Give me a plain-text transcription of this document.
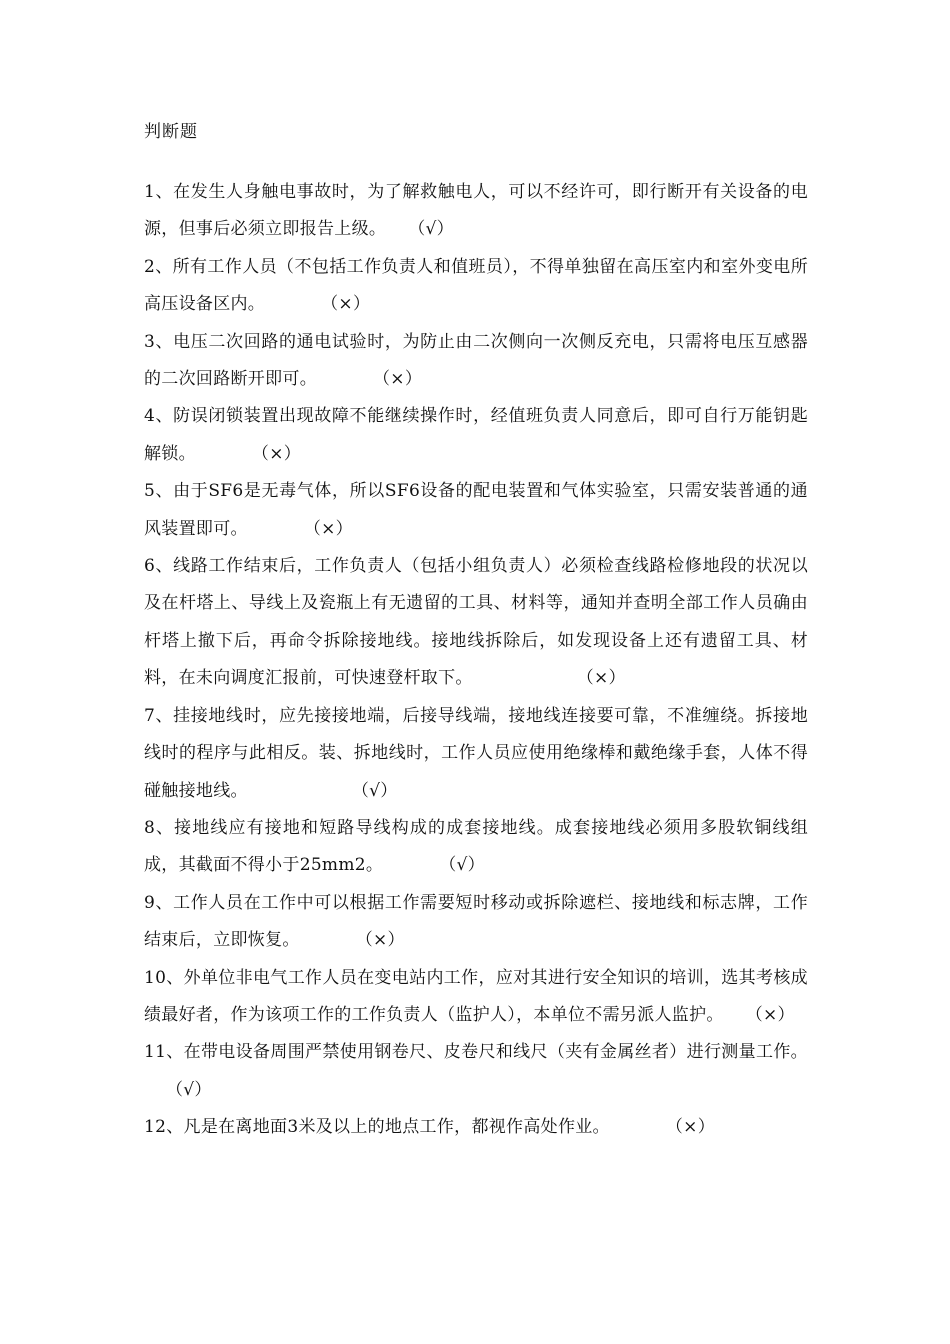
判断题
1、在发生人身触电事故时，为了解救触电人，可以不经许可，即行断开有关设备的电源，但事后必须立即报告上级。 （√）
2、所有工作人员（不包括工作负责人和值班员），不得单独留在高压室内和室外变电所高压设备区内。	（×）
3、电压二次回路的通电试验时，为防止由二次侧向一次侧反充电，只需将电压互感器的二次回路断开即可。	（×）
4、防误闭锁装置出现故障不能继续操作时，经值班负责人同意后，即可自行万能钥匙解锁。	（×）
5、由于SF6是无毒气体，所以SF6设备的配电装置和气体实验室，只需安装普通的通风装置即可。	（×）
6、线路工作结束后，工作负责人（包括小组负责人）必须检查线路检修地段的状况以及在杆塔上、导线上及瓷瓶上有无遗留的工具、材料等，通知并查明全部工作人员确由杆塔上撤下后，再命令拆除接地线。接地线拆除后，如发现设备上还有遗留工具、材料，在未向调度汇报前，可快速登杆取下。	（×）
7、挂接地线时，应先接接地端，后接导线端，接地线连接要可靠，不准缠绕。拆接地线时的程序与此相反。装、拆地线时，工作人员应使用绝缘棒和戴绝缘手套，人体不得碰触接地线。	（√）
8、接地线应有接地和短路导线构成的成套接地线。成套接地线必须用多股软铜线组成，其截面不得小于25mm2。	（√）
9、工作人员在工作中可以根据工作需要短时移动或拆除遮栏、接地线和标志牌，工作结束后，立即恢复。	（×）
10、外单位非电气工作人员在变电站内工作，应对其进行安全知识的培训，选其考核成绩最好者，作为该项工作的工作负责人（监护人），本单位不需另派人监护。 （×）
11、在带电设备周围严禁使用钢卷尺、皮卷尺和线尺（夹有金属丝者）进行测量工作。（√）
12、凡是在离地面3米及以上的地点工作，都视作高处作业。	（×）
